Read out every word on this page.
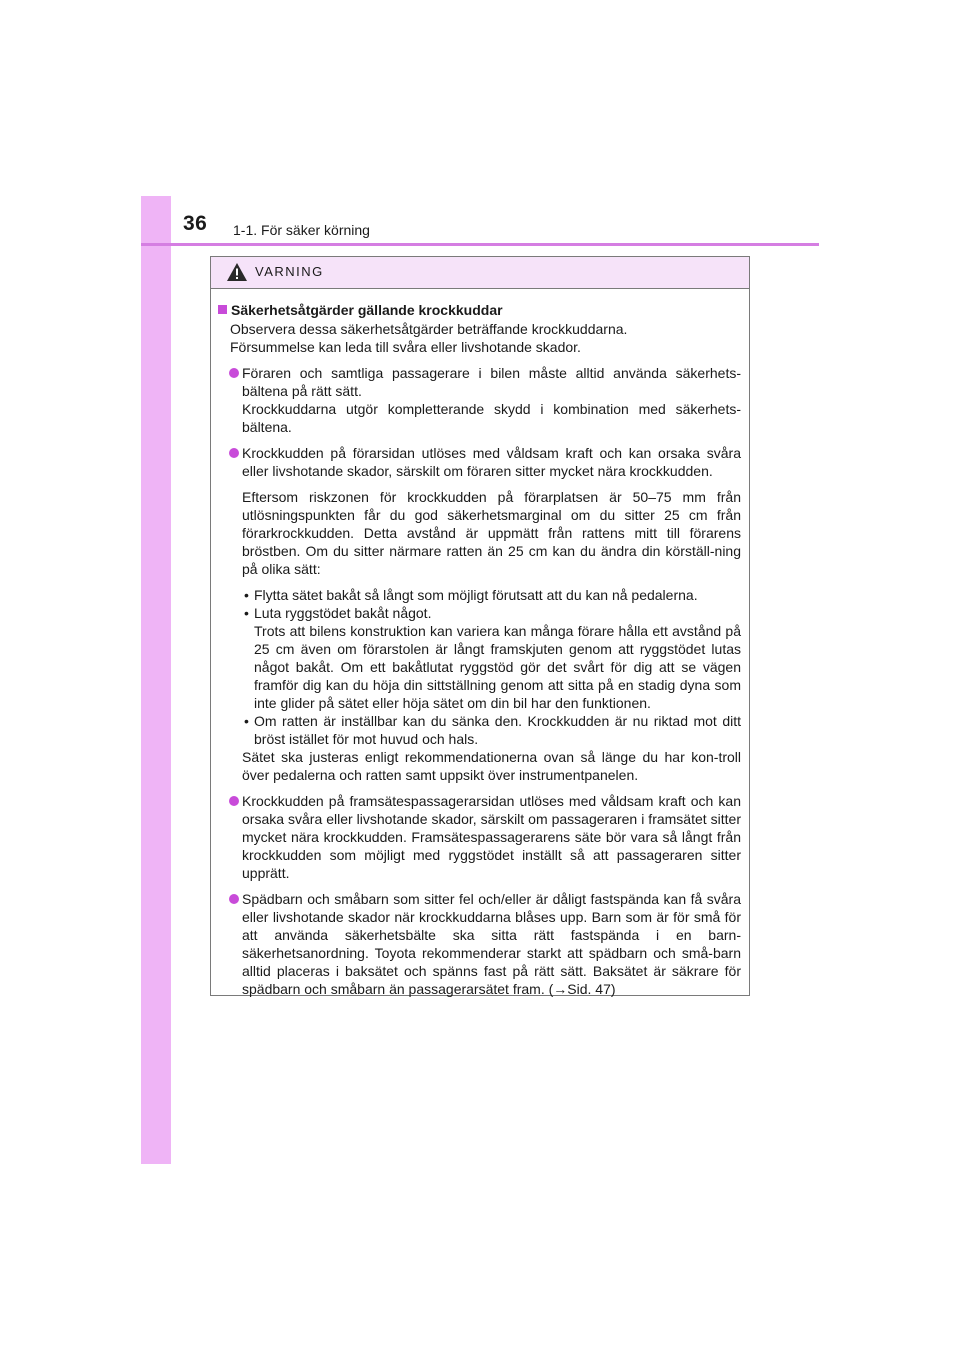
36 1-1. För säker körning
VARNING
Säkerhetsåtgärder gällande krockkuddar
Observera dessa säkerhetsåtgärder beträffande krockkuddarna.
Försummelse kan leda till svåra eller livshotande skador.
Föraren och samtliga passagerare i bilen måste alltid använda säkerhets-bältena på rätt sätt.
Krockkuddarna utgör kompletterande skydd i kombination med säkerhets-bältena.
Krockkudden på förarsidan utlöses med våldsam kraft och kan orsaka svåra eller livshotande skador, särskilt om föraren sitter mycket nära krockkudden.
Eftersom riskzonen för krockkudden på förarplatsen är 50–75 mm från utlösningspunkten får du god säkerhetsmarginal om du sitter 25 cm från förarkrockkudden. Detta avstånd är uppmätt från rattens mitt till förarens bröstben. Om du sitter närmare ratten än 25 cm kan du ändra din körställ-ning på olika sätt:
• Flytta sätet bakåt så långt som möjligt förutsatt att du kan nå pedalerna.
• Luta ryggstödet bakåt något.
Trots att bilens konstruktion kan variera kan många förare hålla ett avstånd på 25 cm även om förarstolen är långt framskjuten genom att ryggstödet lutas något bakåt. Om ett bakåtlutat ryggstöd gör det svårt för dig att se vägen framför dig kan du höja din sittställning genom att sitta på en stadig dyna som inte glider på sätet eller höja sätet om din bil har den funktionen.
• Om ratten är inställbar kan du sänka den. Krockkudden är nu riktad mot ditt bröst istället för mot huvud och hals.
Sätet ska justeras enligt rekommendationerna ovan så länge du har kon-troll över pedalerna och ratten samt uppsikt över instrumentpanelen.
Krockkudden på framsätespassagerarsidan utlöses med våldsam kraft och kan orsaka svåra eller livshotande skador, särskilt om passageraren i framsätet sitter mycket nära krockkudden. Framsätespassagerarens säte bör vara så långt från krockkudden som möjligt med ryggstödet inställt så att passageraren sitter upprätt.
Spädbarn och småbarn som sitter fel och/eller är dåligt fastspända kan få svåra eller livshotande skador när krockkuddarna blåses upp. Barn som är för små för att använda säkerhetsbälte ska sitta rätt fastspända i en barn-säkerhetsanordning. Toyota rekommenderar starkt att spädbarn och små-barn alltid placeras i baksätet och spänns fast på rätt sätt. Baksätet är säkrare för spädbarn och småbarn än passagerarsätet fram. (→Sid. 47)
